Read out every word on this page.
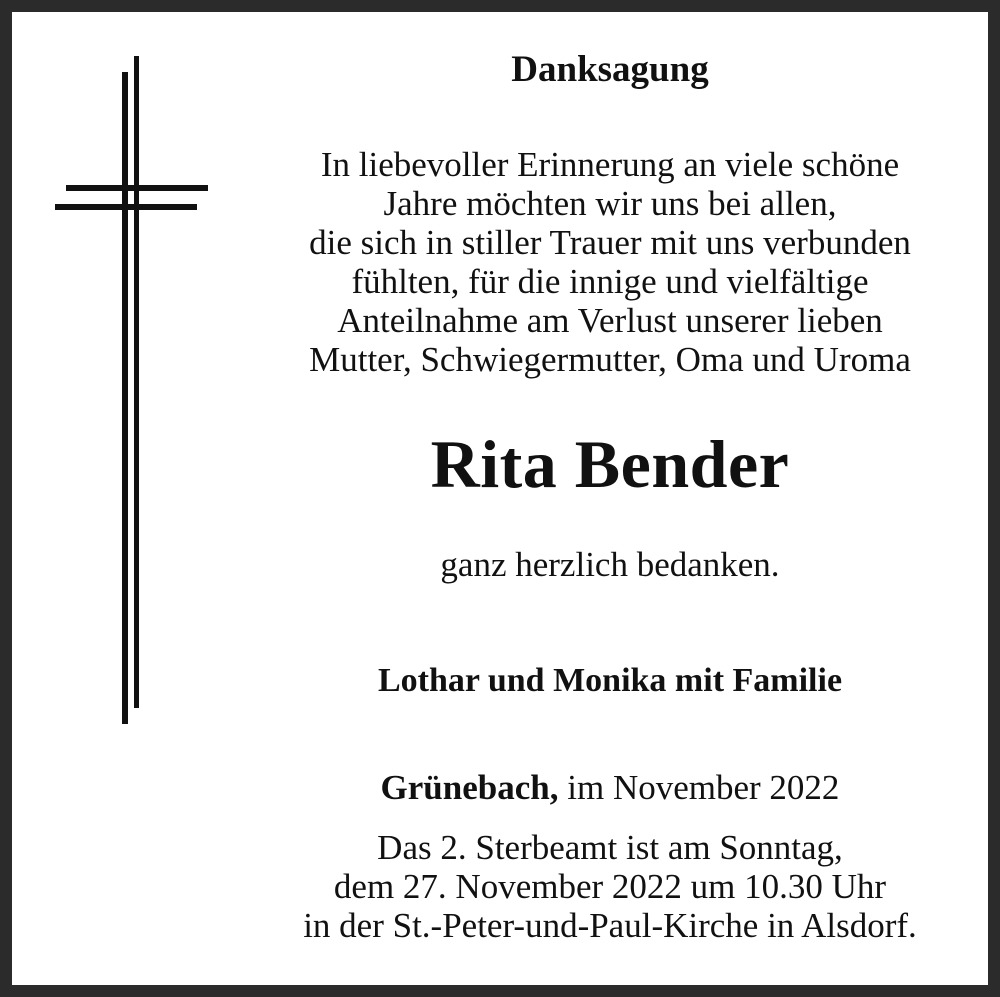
Danksagung
In liebevoller Erinnerung an viele schöne
Jahre möchten wir uns bei allen,
die sich in stiller Trauer mit uns verbunden
fühlten, für die innige und vielfältige
Anteilnahme am Verlust unserer lieben
Mutter, Schwiegermutter, Oma und Uroma
Rita Bender
ganz herzlich bedanken.
Lothar und Monika mit Familie
Grünebach, im November 2022
Das 2. Sterbeamt ist am Sonntag,
dem 27. November 2022 um 10.30 Uhr
in der St.-Peter-und-Paul-Kirche in Alsdorf.
